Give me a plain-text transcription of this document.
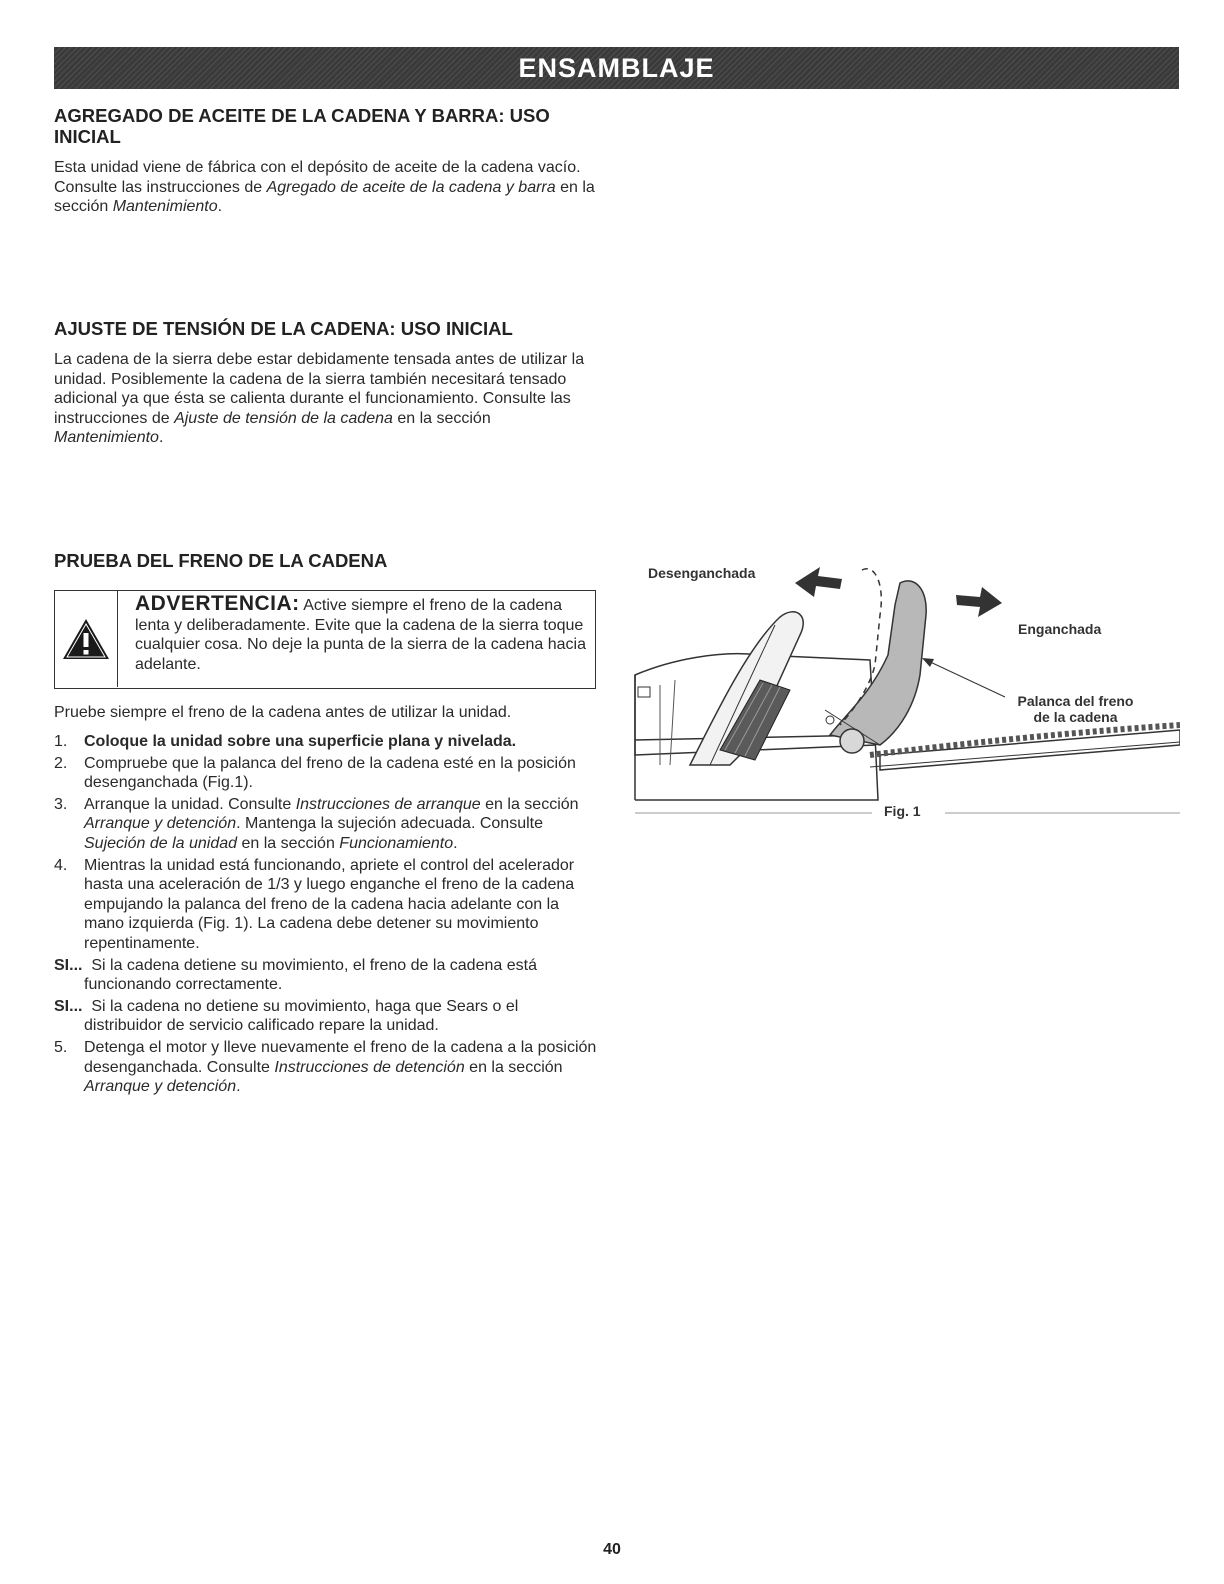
ENSAMBLAJE
AGREGADO DE ACEITE DE LA CADENA Y BARRA: USO INICIAL
Esta unidad viene de fábrica con el depósito de aceite de la cadena vacío. Consulte las instrucciones de Agregado de aceite de la cadena y barra en la sección Mantenimiento.
AJUSTE DE TENSIÓN DE LA CADENA: USO INICIAL
La cadena de la sierra debe estar debidamente tensada antes de utilizar la unidad. Posiblemente la cadena de la sierra también necesitará tensado adicional ya que ésta se calienta durante el funcionamiento. Consulte las instrucciones de Ajuste de tensión de la cadena en la sección Mantenimiento.
PRUEBA DEL FRENO DE LA CADENA
ADVERTENCIA: Active siempre el freno de la cadena lenta y deliberadamente. Evite que la cadena de la sierra toque cualquier cosa. No deje la punta de la sierra de la cadena hacia adelante.
Pruebe siempre el freno de la cadena antes de utilizar la unidad.
1.	Coloque la unidad sobre una superficie plana y nivelada.
2.	Compruebe que la palanca del freno de la cadena esté en la posición desenganchada (Fig.1).
3.	Arranque la unidad. Consulte Instrucciones de arranque en la sección Arranque y detención. Mantenga la sujeción adecuada. Consulte Sujeción de la unidad en la sección Funcionamiento.
4.	Mientras la unidad está funcionando, apriete el control del acelerador hasta una aceleración de 1/3 y luego enganche el freno de la cadena empujando la palanca del freno de la cadena hacia adelante con la mano izquierda (Fig. 1). La cadena debe detener su movimiento repentinamente.
SI... Si la cadena detiene su movimiento, el freno de la cadena está funcionando correctamente.
SI... Si la cadena no detiene su movimiento, haga que Sears o el distribuidor de servicio calificado repare la unidad.
5.	Detenga el motor y lleve nuevamente el freno de la cadena a la posición desenganchada. Consulte Instrucciones de detención en la sección Arranque y detención.
Desenganchada
Enganchada
Palanca del freno
de la cadena
Fig. 1
40
